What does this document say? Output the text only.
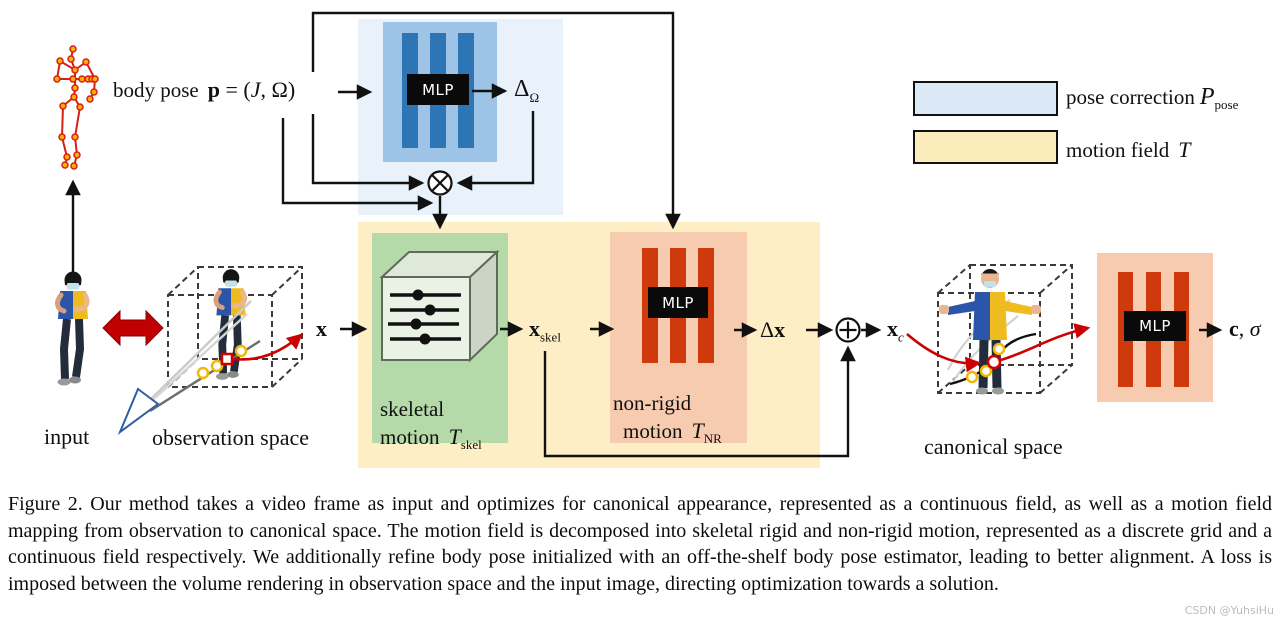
MLP
MLP
MLP
body pose p = (J, Ω)	$\Delta_\Omega$
x	$x_{skel}$	Δx	$x_c$	c, σ
skeletal
motion $T_{skel}$
non-rigid
motion $T_{NR}$
input	observation space	canonical space
pose correction $P_{pose}$
motion field T
Figure 2. Our method takes a video frame as input and optimizes for canonical appearance, represented as a continuous field, as well as a motion field mapping from observation to canonical space. The motion field is decomposed into skeletal rigid and non-rigid motion, represented as a discrete grid and a continuous field respectively. We additionally refine body pose initialized with an off-the-shelf body pose estimator, leading to better alignment. A loss is imposed between the volume rendering in observation space and the input image, directing optimization towards a solution.
CSDN @YuhsiHu
